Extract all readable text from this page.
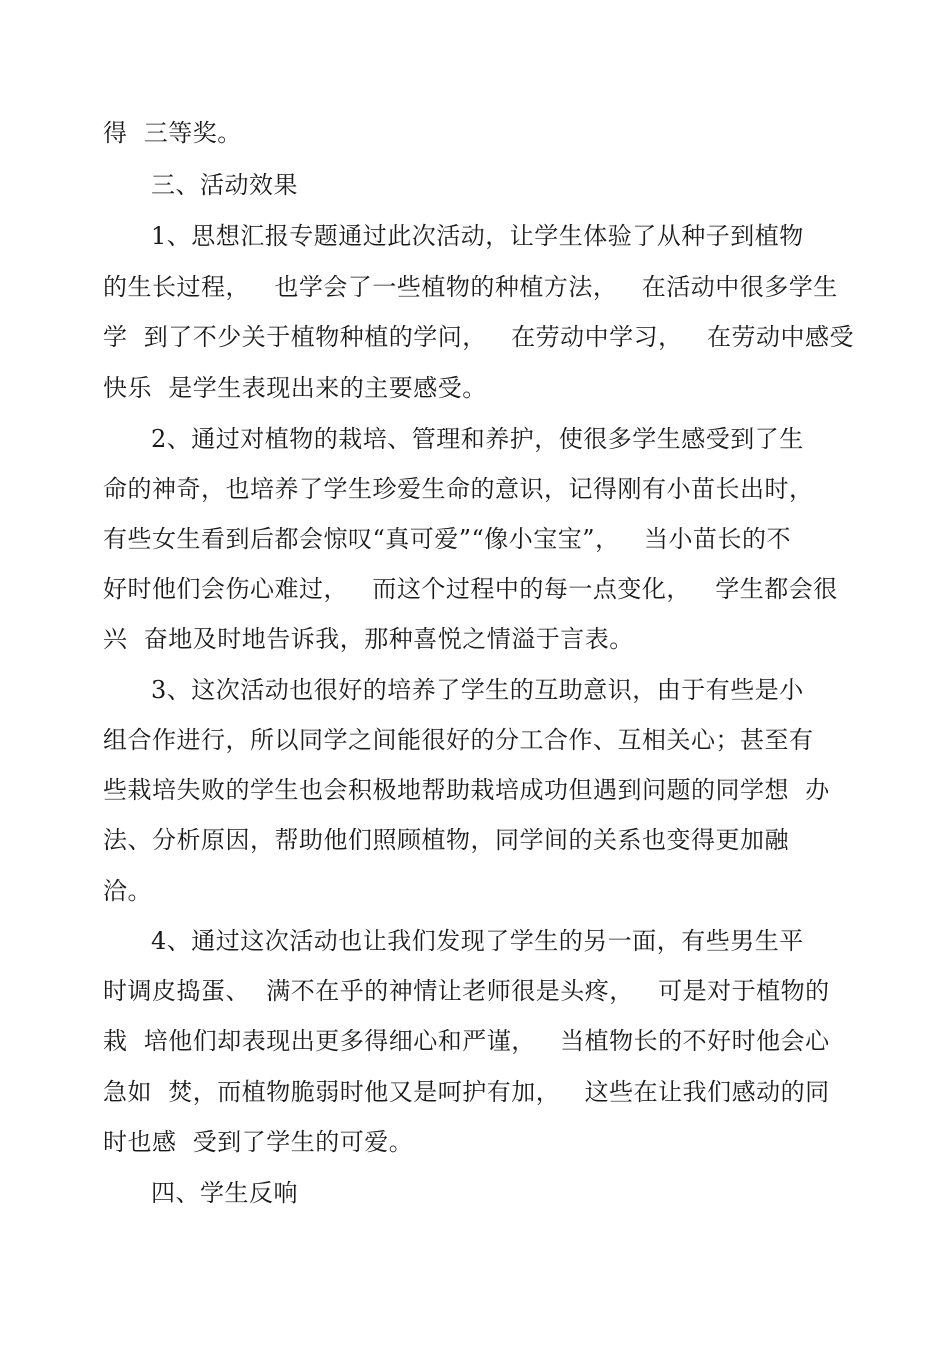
得  三等奖。
三、活动效果
1、思想汇报专题通过此次活动，让学生体验了从种子到植物
的生长过程，   也学会了一些植物的种植方法，   在活动中很多学生
学  到了不少关于植物种植的学问，   在劳动中学习，   在劳动中感受
快乐  是学生表现出来的主要感受。
2、通过对植物的栽培、管理和养护，使很多学生感受到了生
命的神奇，也培养了学生珍爱生命的意识，记得刚有小苗长出时，
有些女生看到后都会惊叹“真可爱”“像小宝宝”，   当小苗长的不
好时他们会伤心难过，   而这个过程中的每一点变化，   学生都会很
兴  奋地及时地告诉我，那种喜悦之情溢于言表。
3、这次活动也很好的培养了学生的互助意识，由于有些是小
组合作进行，所以同学之间能很好的分工合作、互相关心；甚至有
些栽培失败的学生也会积极地帮助栽培成功但遇到问题的同学想  办
法、分析原因，帮助他们照顾植物，同学间的关系也变得更加融
洽。
4、通过这次活动也让我们发现了学生的另一面，有些男生平
时调皮捣蛋、  满不在乎的神情让老师很是头疼，   可是对于植物的
栽  培他们却表现出更多得细心和严谨，   当植物长的不好时他会心
急如  焚，而植物脆弱时他又是呵护有加，   这些在让我们感动的同
时也感  受到了学生的可爱。
四、学生反响
